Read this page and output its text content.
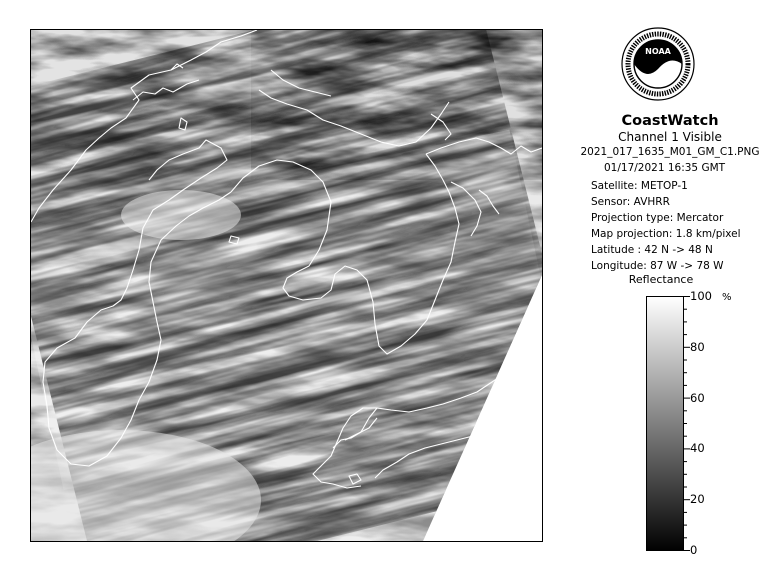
NOAA
CoastWatch
Channel 1 Visible
2021_017_1635_M01_GM_C1.PNG
01/17/2021 16:35 GMT
Satellite: METOP-1
Sensor: AVHRR
Projection type: Mercator
Map projection: 1.8 km/pixel
Latitude : 42 N -> 48 N
Longitude: 87 W -> 78 W
Reflectance
%
100
80
60
40
20
0
